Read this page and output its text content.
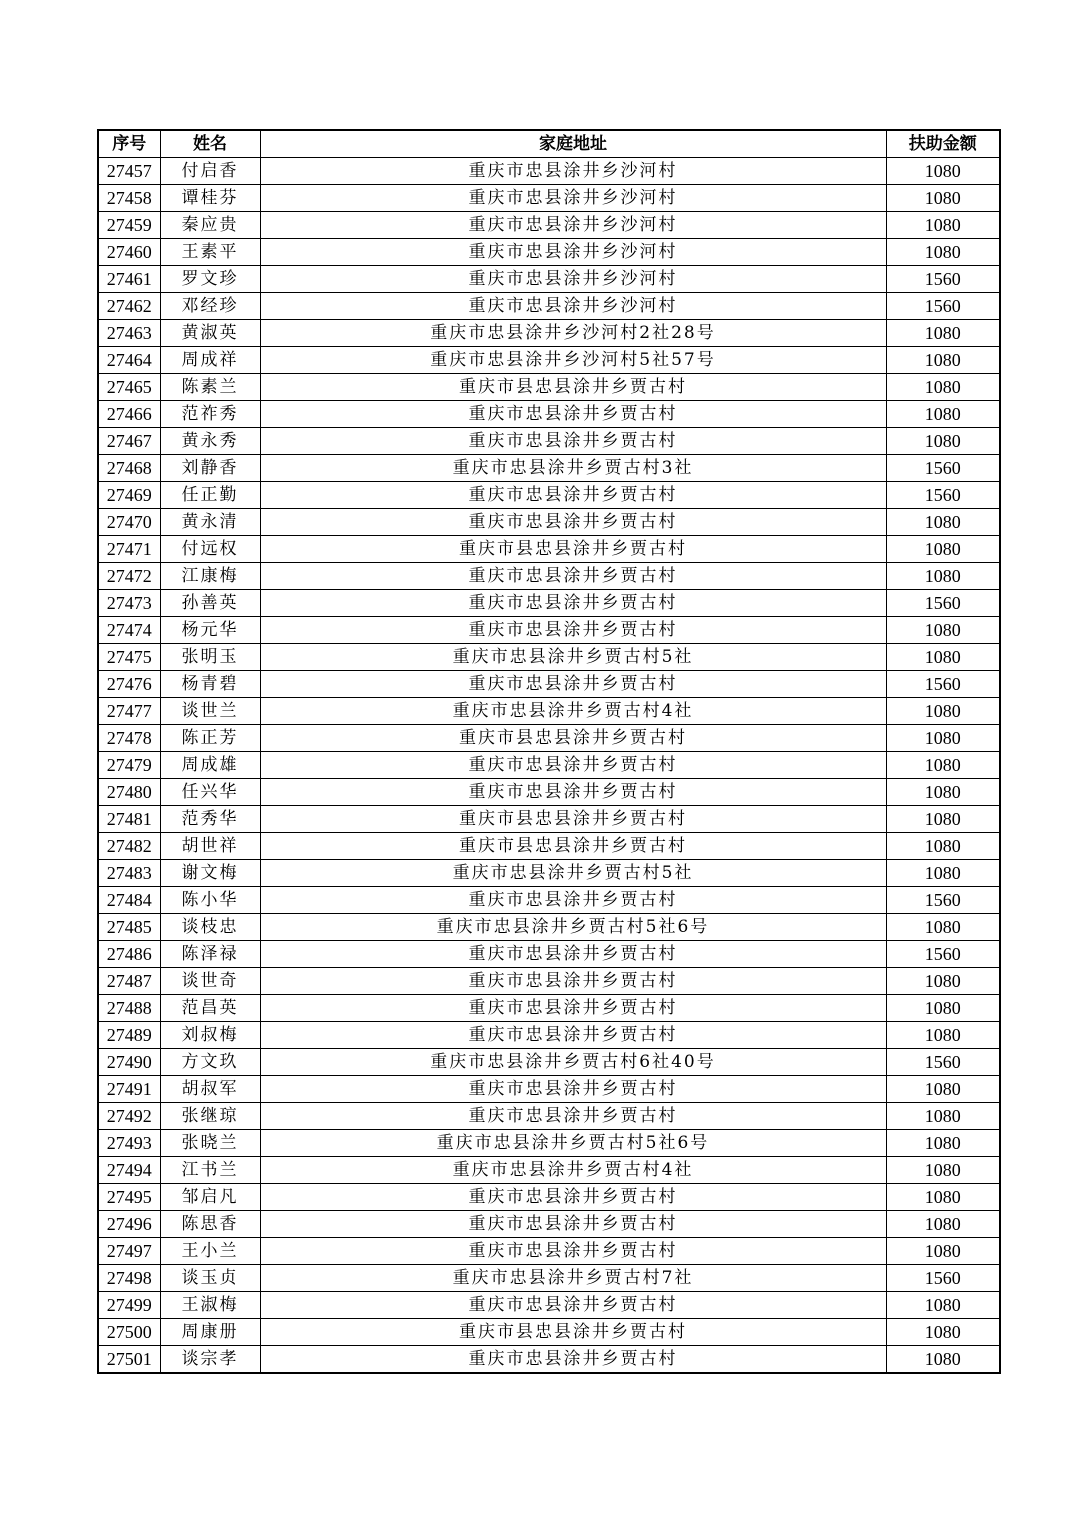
序号	姓名	家庭地址	扶助金额
27457	付启香	重庆市忠县涂井乡沙河村	1080
27458	谭桂芬	重庆市忠县涂井乡沙河村	1080
27459	秦应贵	重庆市忠县涂井乡沙河村	1080
27460	王素平	重庆市忠县涂井乡沙河村	1080
27461	罗文珍	重庆市忠县涂井乡沙河村	1560
27462	邓经珍	重庆市忠县涂井乡沙河村	1560
27463	黄淑英	重庆市忠县涂井乡沙河村2社28号	1080
27464	周成祥	重庆市忠县涂井乡沙河村5社57号	1080
27465	陈素兰	重庆市县忠县涂井乡贾古村	1080
27466	范祚秀	重庆市忠县涂井乡贾古村	1080
27467	黄永秀	重庆市忠县涂井乡贾古村	1080
27468	刘静香	重庆市忠县涂井乡贾古村3社	1560
27469	任正勤	重庆市忠县涂井乡贾古村	1560
27470	黄永清	重庆市忠县涂井乡贾古村	1080
27471	付远权	重庆市县忠县涂井乡贾古村	1080
27472	江康梅	重庆市忠县涂井乡贾古村	1080
27473	孙善英	重庆市忠县涂井乡贾古村	1560
27474	杨元华	重庆市忠县涂井乡贾古村	1080
27475	张明玉	重庆市忠县涂井乡贾古村5社	1080
27476	杨青碧	重庆市忠县涂井乡贾古村	1560
27477	谈世兰	重庆市忠县涂井乡贾古村4社	1080
27478	陈正芳	重庆市县忠县涂井乡贾古村	1080
27479	周成雄	重庆市忠县涂井乡贾古村	1080
27480	任兴华	重庆市忠县涂井乡贾古村	1080
27481	范秀华	重庆市县忠县涂井乡贾古村	1080
27482	胡世祥	重庆市县忠县涂井乡贾古村	1080
27483	谢文梅	重庆市忠县涂井乡贾古村5社	1080
27484	陈小华	重庆市忠县涂井乡贾古村	1560
27485	谈枝忠	重庆市忠县涂井乡贾古村5社6号	1080
27486	陈泽禄	重庆市忠县涂井乡贾古村	1560
27487	谈世奇	重庆市忠县涂井乡贾古村	1080
27488	范昌英	重庆市忠县涂井乡贾古村	1080
27489	刘叔梅	重庆市忠县涂井乡贾古村	1080
27490	方文玖	重庆市忠县涂井乡贾古村6社40号	1560
27491	胡叔军	重庆市忠县涂井乡贾古村	1080
27492	张继琼	重庆市忠县涂井乡贾古村	1080
27493	张晓兰	重庆市忠县涂井乡贾古村5社6号	1080
27494	江书兰	重庆市忠县涂井乡贾古村4社	1080
27495	邹启凡	重庆市忠县涂井乡贾古村	1080
27496	陈思香	重庆市忠县涂井乡贾古村	1080
27497	王小兰	重庆市忠县涂井乡贾古村	1080
27498	谈玉贞	重庆市忠县涂井乡贾古村7社	1560
27499	王淑梅	重庆市忠县涂井乡贾古村	1080
27500	周康册	重庆市县忠县涂井乡贾古村	1080
27501	谈宗孝	重庆市忠县涂井乡贾古村	1080
